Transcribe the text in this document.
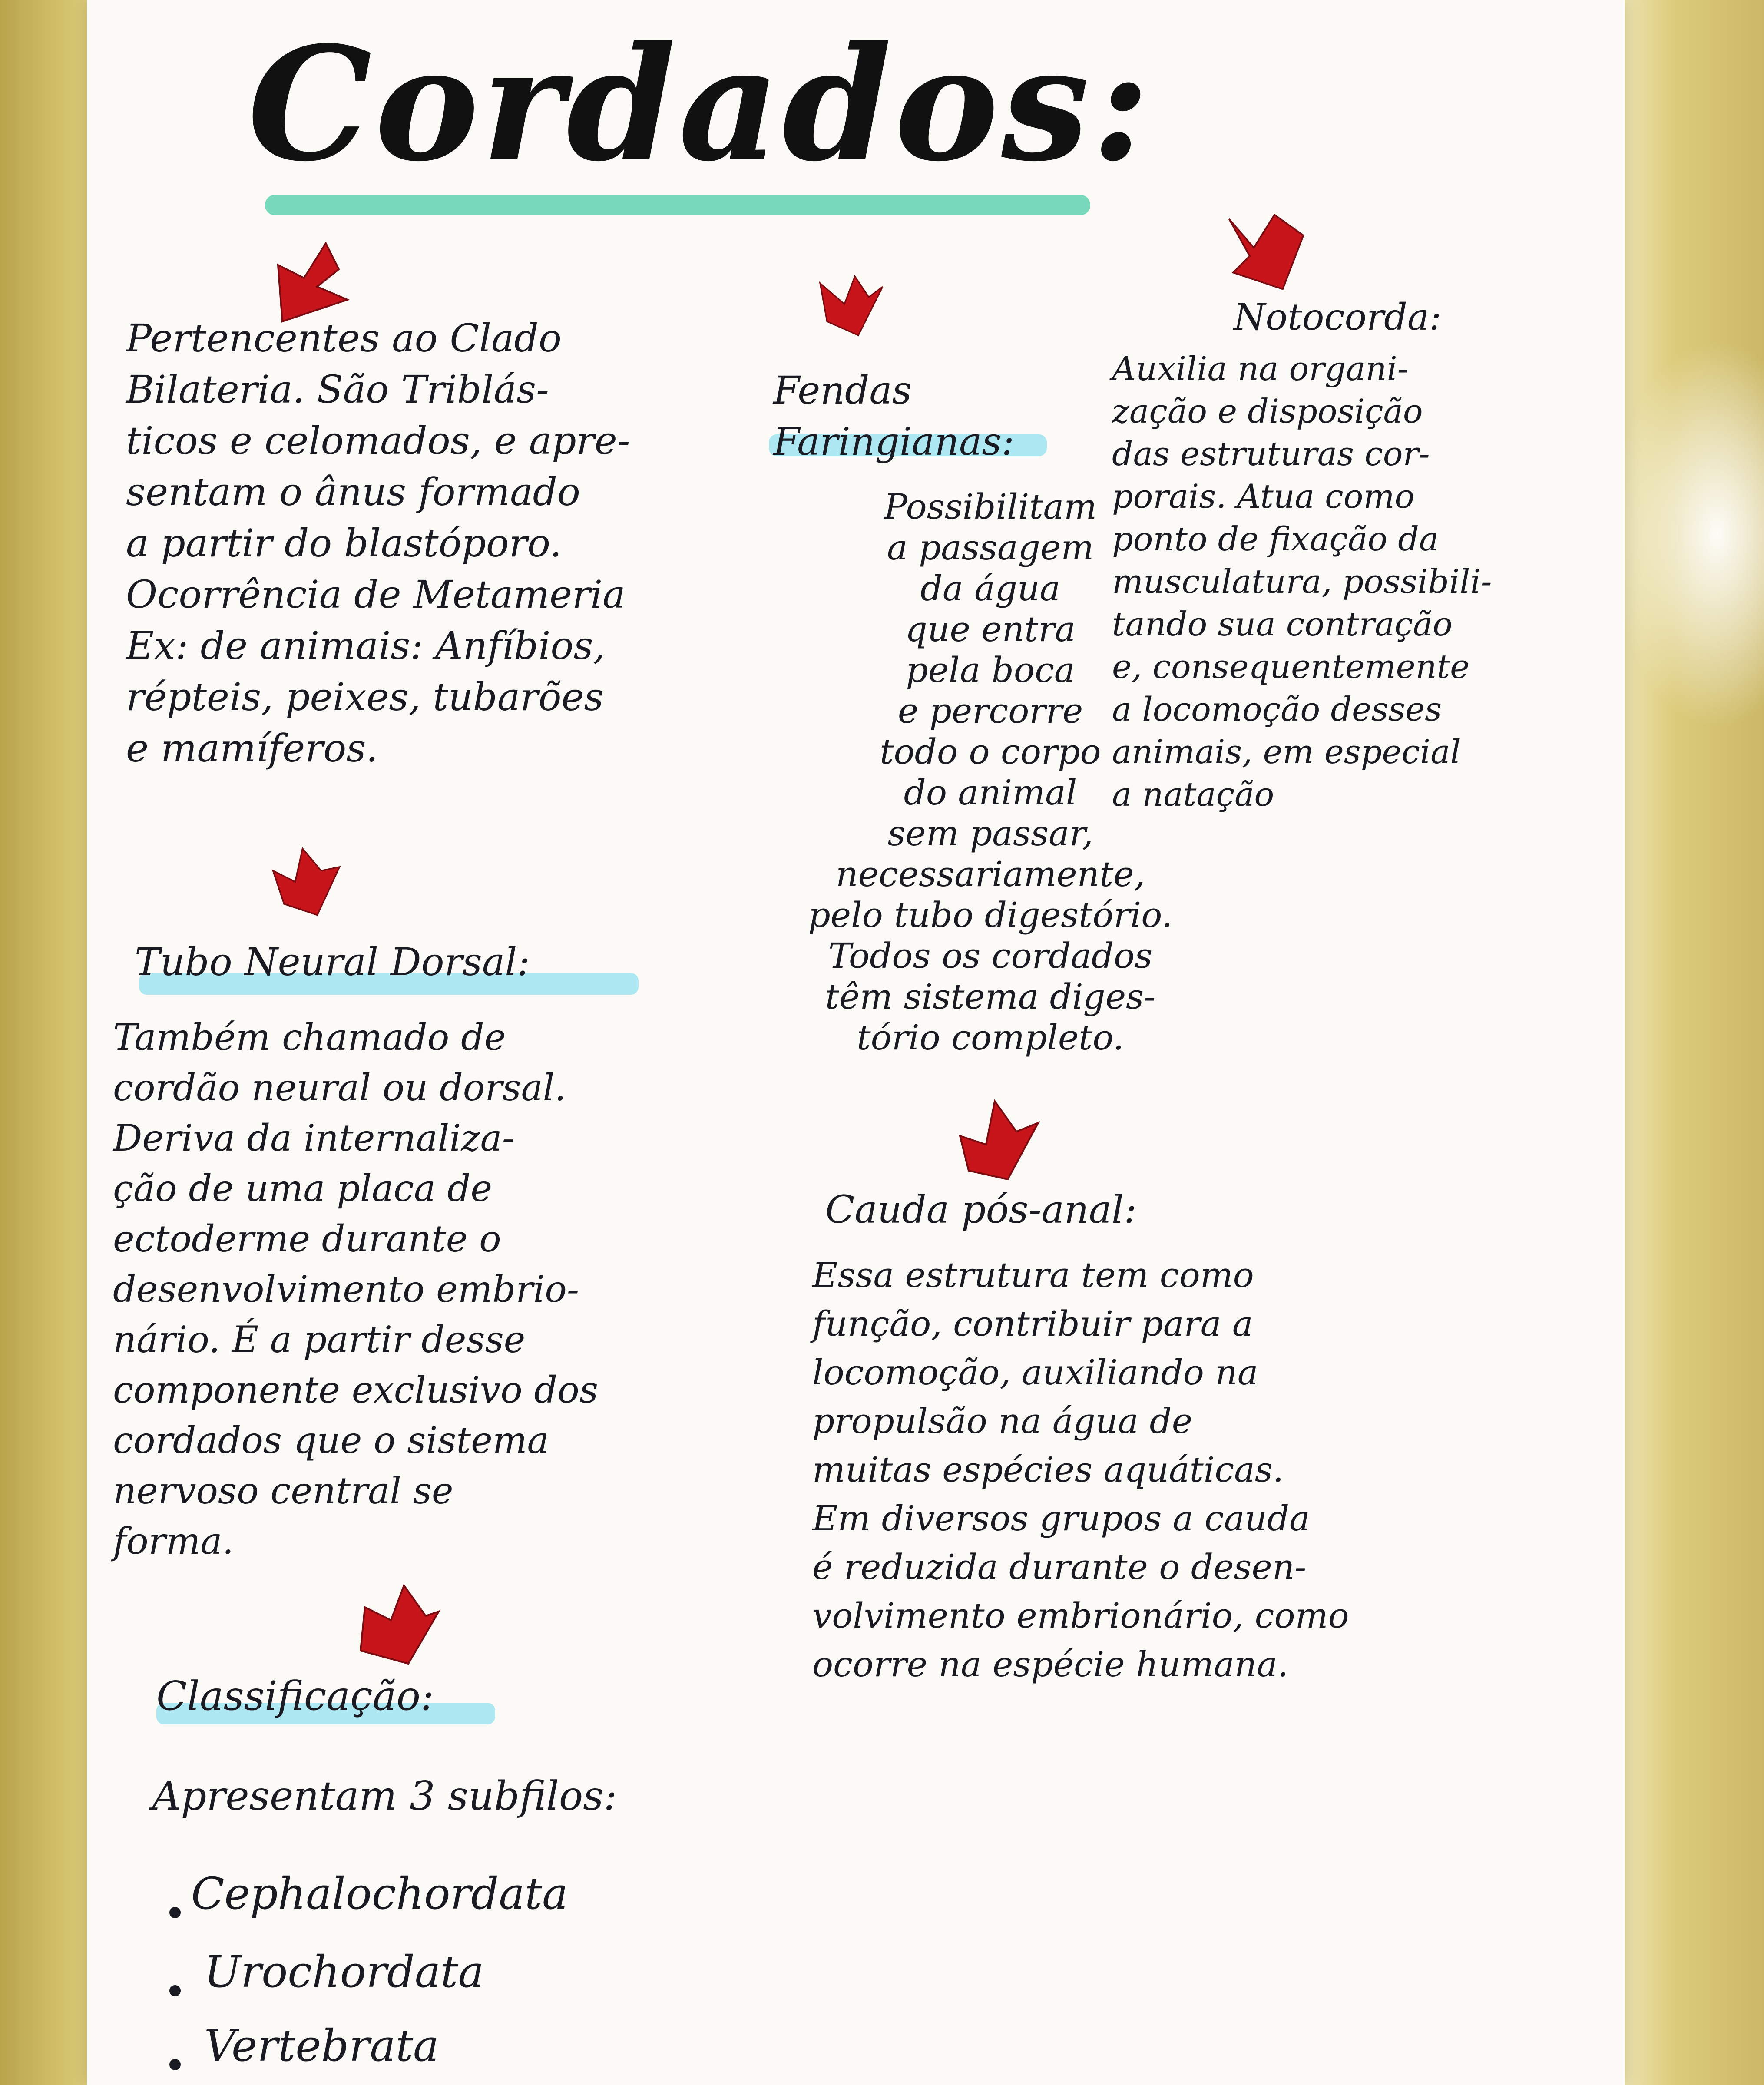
Cordados:

Pertencentes ao Clado
Bilateria. São Triblás-
ticos e celomados, e apre-
sentam o ânus formado
a partir do blastóporo.
Ocorrência de Metameria
Ex: de animais: Anfíbios,
répteis, peixes, tubarões
e mamíferos.

Fendas
Faringianas:

Possibilitam
a passagem
da água
que entra
pela boca
e percorre
todo o corpo
do animal
sem passar,
necessariamente,
pelo tubo digestório.
Todos os cordados
têm sistema diges-
tório completo.

Notocorda:

Auxilia na organi-
zação e disposição
das estruturas cor-
porais. Atua como
ponto de fixação da
musculatura, possibili-
tando sua contração
e, consequentemente
a locomoção desses
animais, em especial
a natação

Tubo Neural Dorsal:

Também chamado de
cordão neural ou dorsal.
Deriva da internaliza-
ção de uma placa de
ectoderme durante o
desenvolvimento embrio-
nário. É a partir desse
componente exclusivo dos
cordados que o sistema
nervoso central se
forma.

Cauda pós-anal:

Essa estrutura tem como
função, contribuir para a
locomoção, auxiliando na
propulsão na água de
muitas espécies aquáticas.
Em diversos grupos a cauda
é reduzida durante o desen-
volvimento embrionário, como
ocorre na espécie humana.

Classificação:

Apresentam 3 subfilos:

Cephalochordata

Urochordata

Vertebrata
